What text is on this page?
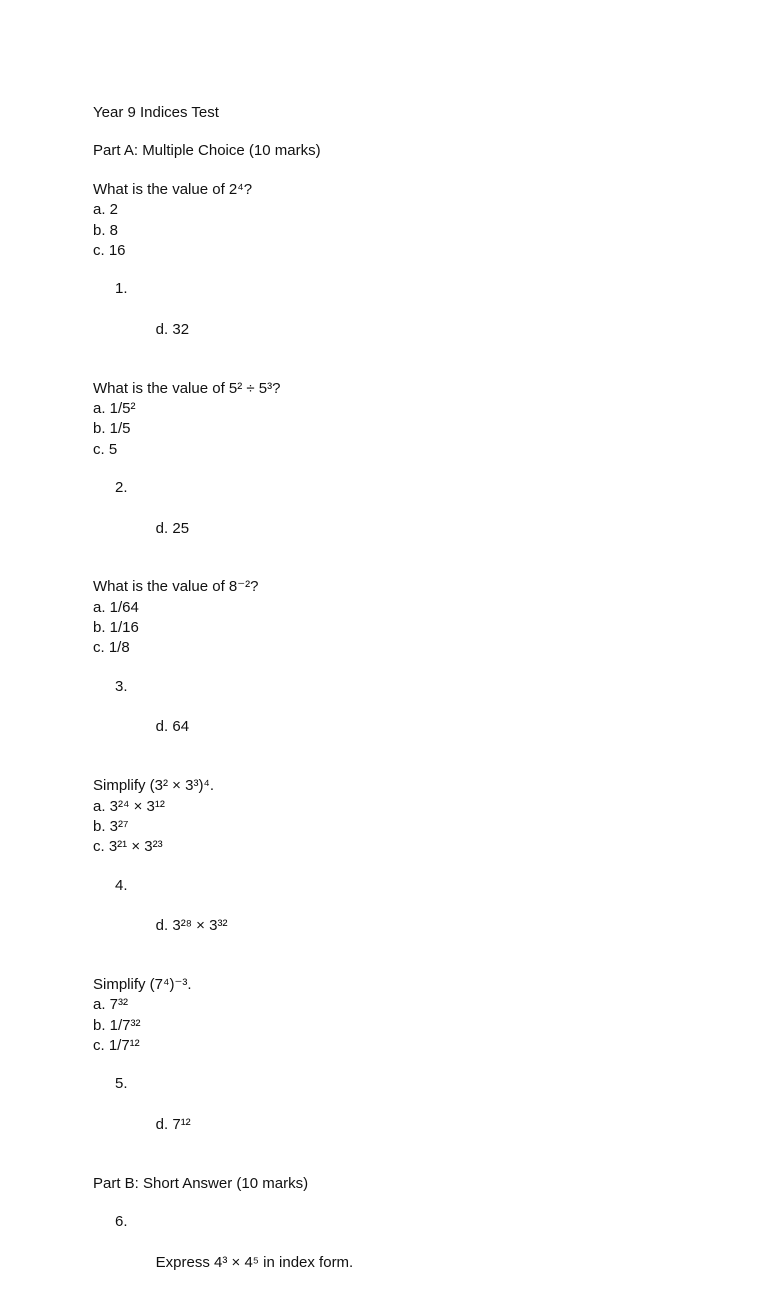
Year 9 Indices Test
Part A: Multiple Choice (10 marks)
What is the value of 2⁴?
a. 2
b. 8
c. 16

1.

d. 32

What is the value of 5² ÷ 5³?
a. 1/5²
b. 1/5
c. 5

2.

d. 25

What is the value of 8⁻²?
a. 1/64
b. 1/16
c. 1/8

3.

d. 64

Simplify (3² × 3³)⁴.
a. 3²⁴ × 3¹²
b. 3²⁷
c. 3²¹ × 3²³

4.

d. 3²⁸ × 3³²

Simplify (7⁴)⁻³.
a. 7³²
b. 1/7³²
c. 1/7¹²

5.

d. 7¹²

Part B: Short Answer (10 marks)

6.

Express 4³ × 4⁵ in index form.
